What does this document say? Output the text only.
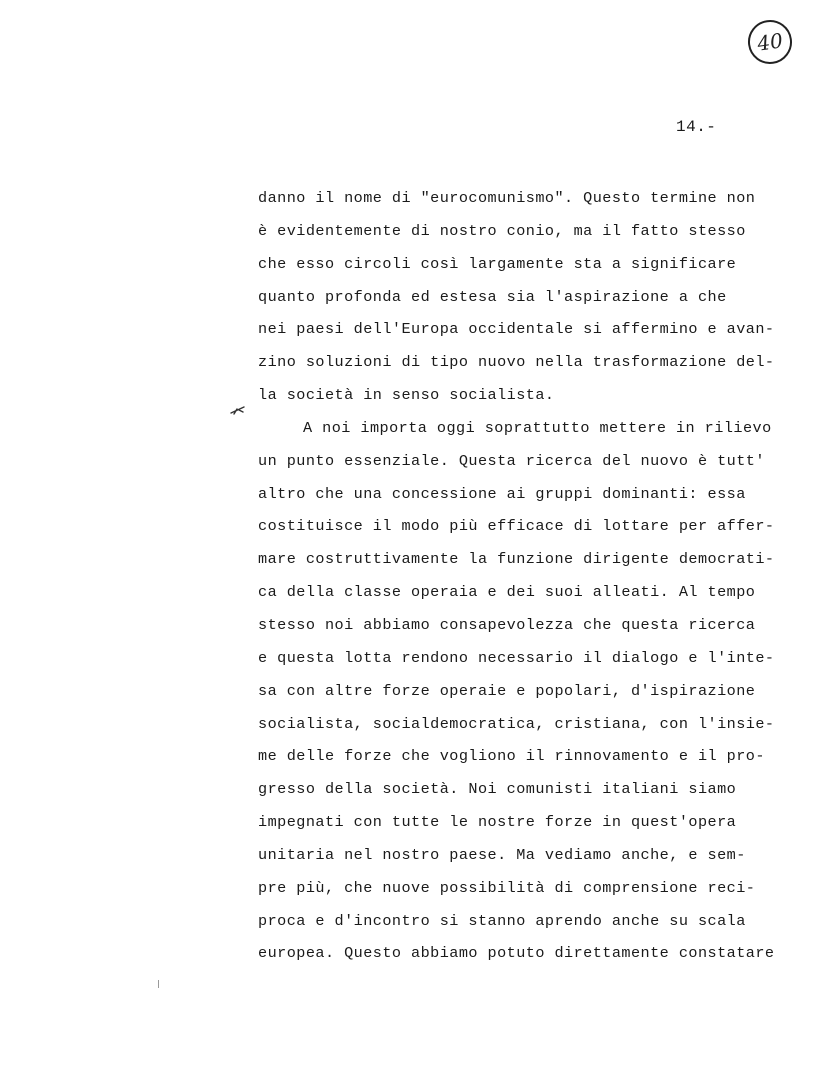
40
14.-
danno il nome di "eurocomunismo". Questo termine non
è evidentemente di nostro conio, ma il fatto stesso
che esso circoli così largamente sta a significare
quanto profonda ed estesa sia l'aspirazione a che
nei paesi dell'Europa occidentale si affermino e avan-
zino soluzioni di tipo nuovo nella trasformazione del-
la società in senso socialista.
A noi importa oggi soprattutto mettere in rilievo
un punto essenziale. Questa ricerca del nuovo è tutt'
altro che una concessione ai gruppi dominanti: essa
costituisce il modo più efficace di lottare per affer-
mare costruttivamente la funzione dirigente democrati-
ca della classe operaia e dei suoi alleati. Al tempo
stesso noi abbiamo consapevolezza che questa ricerca
e questa lotta rendono necessario il dialogo e l'inte-
sa con altre forze operaie e popolari, d'ispirazione
socialista, socialdemocratica, cristiana, con l'insie-
me delle forze che vogliono il rinnovamento e il pro-
gresso della società. Noi comunisti italiani siamo
impegnati con tutte le nostre forze in quest'opera
unitaria nel nostro paese. Ma vediamo anche, e sem-
pre più, che nuove possibilità di comprensione reci-
proca e d'incontro si stanno aprendo anche su scala
europea. Questo abbiamo potuto direttamente constatare
